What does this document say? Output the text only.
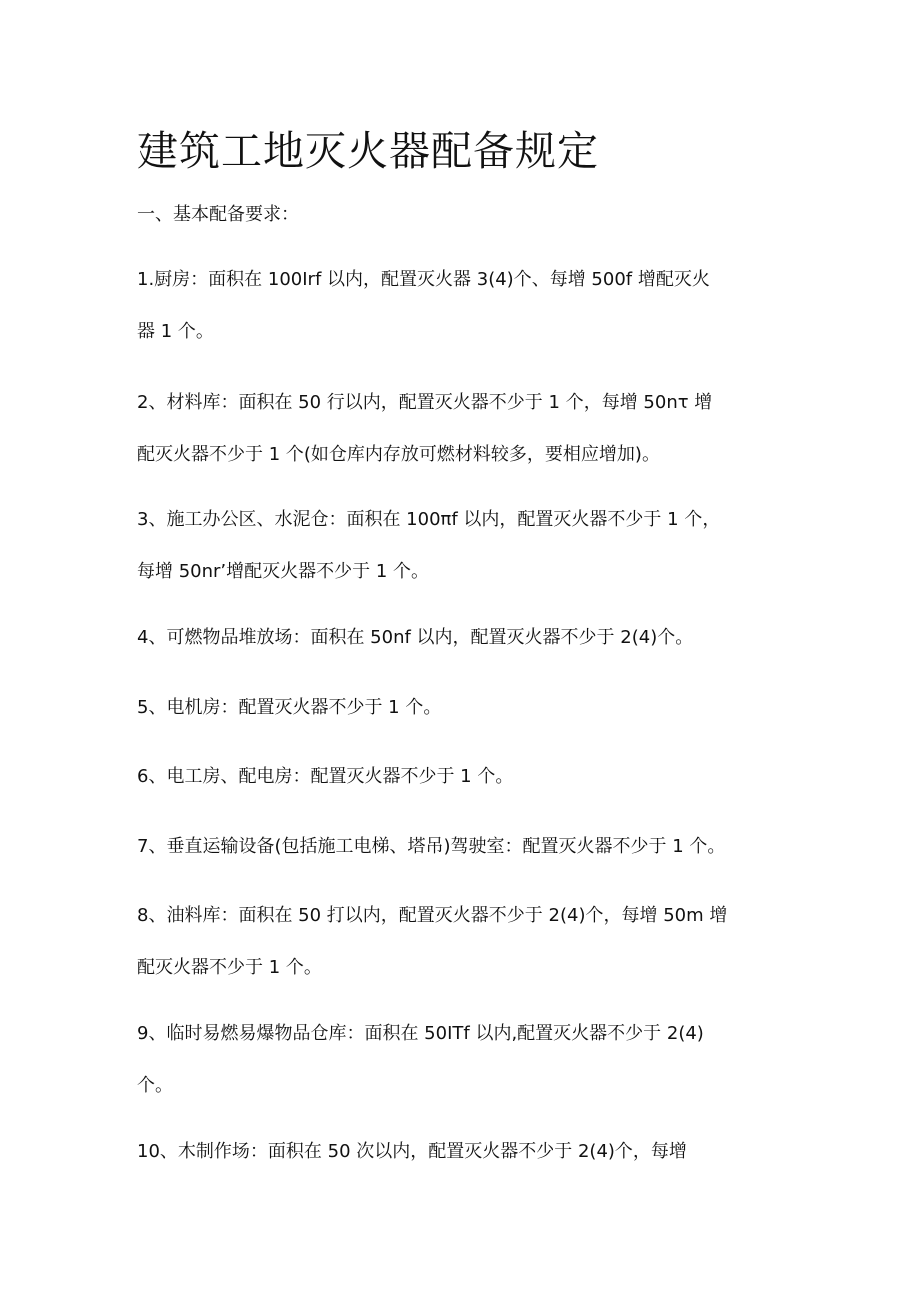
建筑工地灭火器配备规定

一、基本配备要求：

1.厨房：面积在 100Irf 以内，配置灭火器 3(4)个、每增 500f 增配灭火
器 1 个。

2、材料库：面积在 50 行以内，配置灭火器不少于 1 个，每增 50nτ 增
配灭火器不少于 1 个(如仓库内存放可燃材料较多，要相应增加)。

3、施工办公区、水泥仓：面积在 100πf 以内，配置灭火器不少于 1 个，
每增 50nr’增配灭火器不少于 1 个。

4、可燃物品堆放场：面积在 50nf 以内，配置灭火器不少于 2(4)个。

5、电机房：配置灭火器不少于 1 个。

6、电工房、配电房：配置灭火器不少于 1 个。

7、垂直运输设备(包括施工电梯、塔吊)驾驶室：配置灭火器不少于 1 个。

8、油料库：面积在 50 打以内，配置灭火器不少于 2(4)个，每增 50m 增
配灭火器不少于 1 个。

9、临时易燃易爆物品仓库：面积在 50ITf 以内,配置灭火器不少于 2(4)
个。

10、木制作场：面积在 50 次以内，配置灭火器不少于 2(4)个，每增
